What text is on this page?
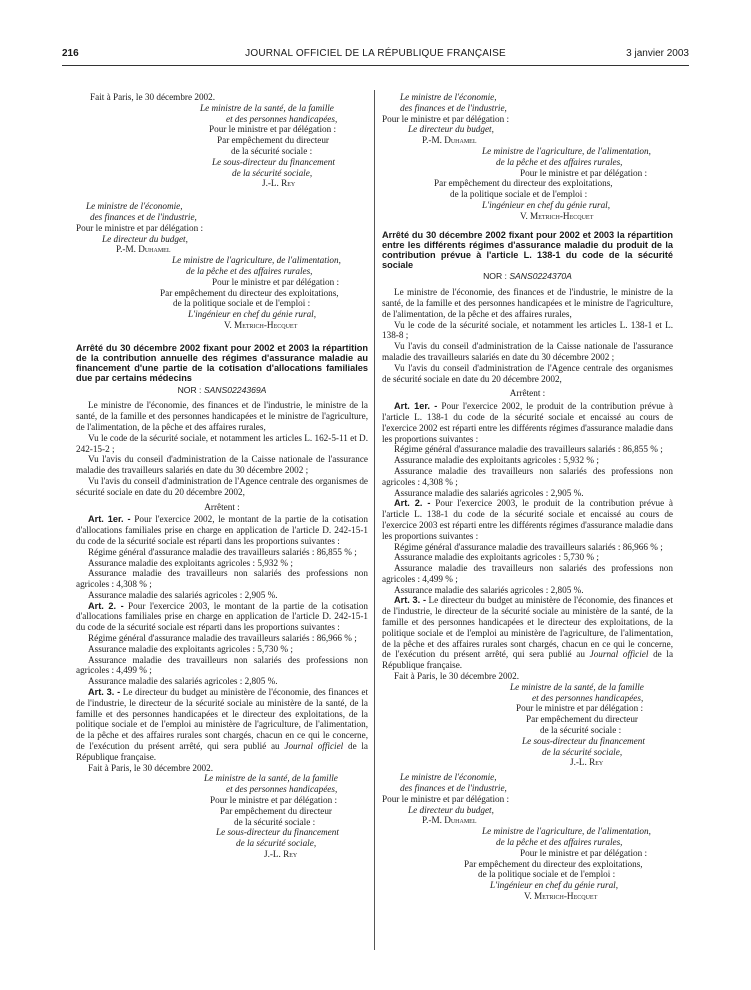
216	JOURNAL OFFICIEL DE LA RÉPUBLIQUE FRANÇAISE	3 janvier 2003
Fait à Paris, le 30 décembre 2002.
Le ministre de la santé, de la famille
et des personnes handicapées,
Pour le ministre et par délégation :
Par empêchement du directeur
de la sécurité sociale :
Le sous-directeur du financement
de la sécurité sociale,
J.-L. Rey
Le ministre de l'économie,
des finances et de l'industrie,
Pour le ministre et par délégation :
Le directeur du budget,
P.-M. Duhamel
Le ministre de l'agriculture, de l'alimentation,
de la pêche et des affaires rurales,
Pour le ministre et par délégation :
Par empêchement du directeur des exploitations,
de la politique sociale et de l'emploi :
L'ingénieur en chef du génie rural,
V. Metrich-Hecquet
Arrêté du 30 décembre 2002 fixant pour 2002 et 2003 la répartition de la contribution annuelle des régimes d'assurance maladie au financement d'une partie de la cotisation d'allocations familiales due par certains médecins
NOR : SANS0224369A

Le ministre de l'économie, des finances et de l'industrie, le ministre de la santé, de la famille et des personnes handicapées et le ministre de l'agriculture, de l'alimentation, de la pêche et des affaires rurales,

Vu le code de la sécurité sociale, et notamment les articles L. 162-5-11 et D. 242-15-2 ;

Vu l'avis du conseil d'administration de la Caisse nationale de l'assurance maladie des travailleurs salariés en date du 30 décembre 2002 ;

Vu l'avis du conseil d'administration de l'Agence centrale des organismes de sécurité sociale en date du 20 décembre 2002,

Arrêtent :

Art. 1er. - Pour l'exercice 2002, le montant de la partie de la cotisation d'allocations familiales prise en charge en application de l'article D. 242-15-1 du code de la sécurité sociale est réparti dans les proportions suivantes :

Régime général d'assurance maladie des travailleurs salariés : 86,855 % ;

Assurance maladie des exploitants agricoles : 5,932 % ;

Assurance maladie des travailleurs non salariés des professions non agricoles : 4,308 % ;

Assurance maladie des salariés agricoles : 2,905 %.

Art. 2. - Pour l'exercice 2003, le montant de la partie de la cotisation d'allocations familiales prise en charge en application de l'article D. 242-15-1 du code de la sécurité sociale est réparti dans les proportions suivantes :

Régime général d'assurance maladie des travailleurs salariés : 86,966 % ;

Assurance maladie des exploitants agricoles : 5,730 % ;

Assurance maladie des travailleurs non salariés des professions non agricoles : 4,499 % ;

Assurance maladie des salariés agricoles : 2,805 %.

Art. 3. - Le directeur du budget au ministère de l'économie, des finances et de l'industrie, le directeur de la sécurité sociale au ministère de la santé, de la famille et des personnes handicapées et le directeur des exploitations, de la politique sociale et de l'emploi au ministère de l'agriculture, de l'alimentation, de la pêche et des affaires rurales sont chargés, chacun en ce qui le concerne, de l'exécution du présent arrêté, qui sera publié au Journal officiel de la République française.

Fait à Paris, le 30 décembre 2002.

Le ministre de la santé, de la famille
et des personnes handicapées,
Pour le ministre et par délégation :
Par empêchement du directeur
de la sécurité sociale :
Le sous-directeur du financement
de la sécurité sociale,
J.-L. Rey
Le ministre de l'économie,
des finances et de l'industrie,
Pour le ministre et par délégation :
Le directeur du budget,
P.-M. Duhamel
Le ministre de l'agriculture, de l'alimentation,
de la pêche et des affaires rurales,
Pour le ministre et par délégation :
Par empêchement du directeur des exploitations,
de la politique sociale et de l'emploi :
L'ingénieur en chef du génie rural,
V. Metrich-Hecquet
Arrêté du 30 décembre 2002 fixant pour 2002 et 2003 la répartition entre les différents régimes d'assurance maladie du produit de la contribution prévue à l'article L. 138-1 du code de la sécurité sociale
NOR : SANS0224370A

Le ministre de l'économie, des finances et de l'industrie, le ministre de la santé, de la famille et des personnes handicapées et le ministre de l'agriculture, de l'alimentation, de la pêche et des affaires rurales,

Vu le code de la sécurité sociale, et notamment les articles L. 138-1 et L. 138-8 ;

Vu l'avis du conseil d'administration de la Caisse nationale de l'assurance maladie des travailleurs salariés en date du 30 décembre 2002 ;

Vu l'avis du conseil d'administration de l'Agence centrale des organismes de sécurité sociale en date du 20 décembre 2002,

Arrêtent :

Art. 1er. - Pour l'exercice 2002, le produit de la contribution prévue à l'article L. 138-1 du code de la sécurité sociale et encaissé au cours de l'exercice 2002 est réparti entre les différents régimes d'assurance maladie dans les proportions suivantes :

Régime général d'assurance maladie des travailleurs salariés : 86,855 % ;

Assurance maladie des exploitants agricoles : 5,932 % ;

Assurance maladie des travailleurs non salariés des professions non agricoles : 4,308 % ;

Assurance maladie des salariés agricoles : 2,905 %.

Art. 2. - Pour l'exercice 2003, le produit de la contribution prévue à l'article L. 138-1 du code de la sécurité sociale et encaissé au cours de l'exercice 2003 est réparti entre les différents régimes d'assurance maladie dans les proportions suivantes :

Régime général d'assurance maladie des travailleurs salariés : 86,966 % ;

Assurance maladie des exploitants agricoles : 5,730 % ;

Assurance maladie des travailleurs non salariés des professions non agricoles : 4,499 % ;

Assurance maladie des salariés agricoles : 2,805 %.

Art. 3. - Le directeur du budget au ministère de l'économie, des finances et de l'industrie, le directeur de la sécurité sociale au ministère de la santé, de la famille et des personnes handicapées et le directeur des exploitations, de la politique sociale et de l'emploi au ministère de l'agriculture, de l'alimentation, de la pêche et des affaires rurales sont chargés, chacun en ce qui le concerne, de l'exécution du présent arrêté, qui sera publié au Journal officiel de la République française.

Fait à Paris, le 30 décembre 2002.

Le ministre de la santé, de la famille
et des personnes handicapées,
Pour le ministre et par délégation :
Par empêchement du directeur
de la sécurité sociale :
Le sous-directeur du financement
de la sécurité sociale,
J.-L. Rey
Le ministre de l'économie,
des finances et de l'industrie,
Pour le ministre et par délégation :
Le directeur du budget,
P.-M. Duhamel
Le ministre de l'agriculture, de l'alimentation,
de la pêche et des affaires rurales,
Pour le ministre et par délégation :
Par empêchement du directeur des exploitations,
de la politique sociale et de l'emploi :
L'ingénieur en chef du génie rural,
V. Metrich-Hecquet
